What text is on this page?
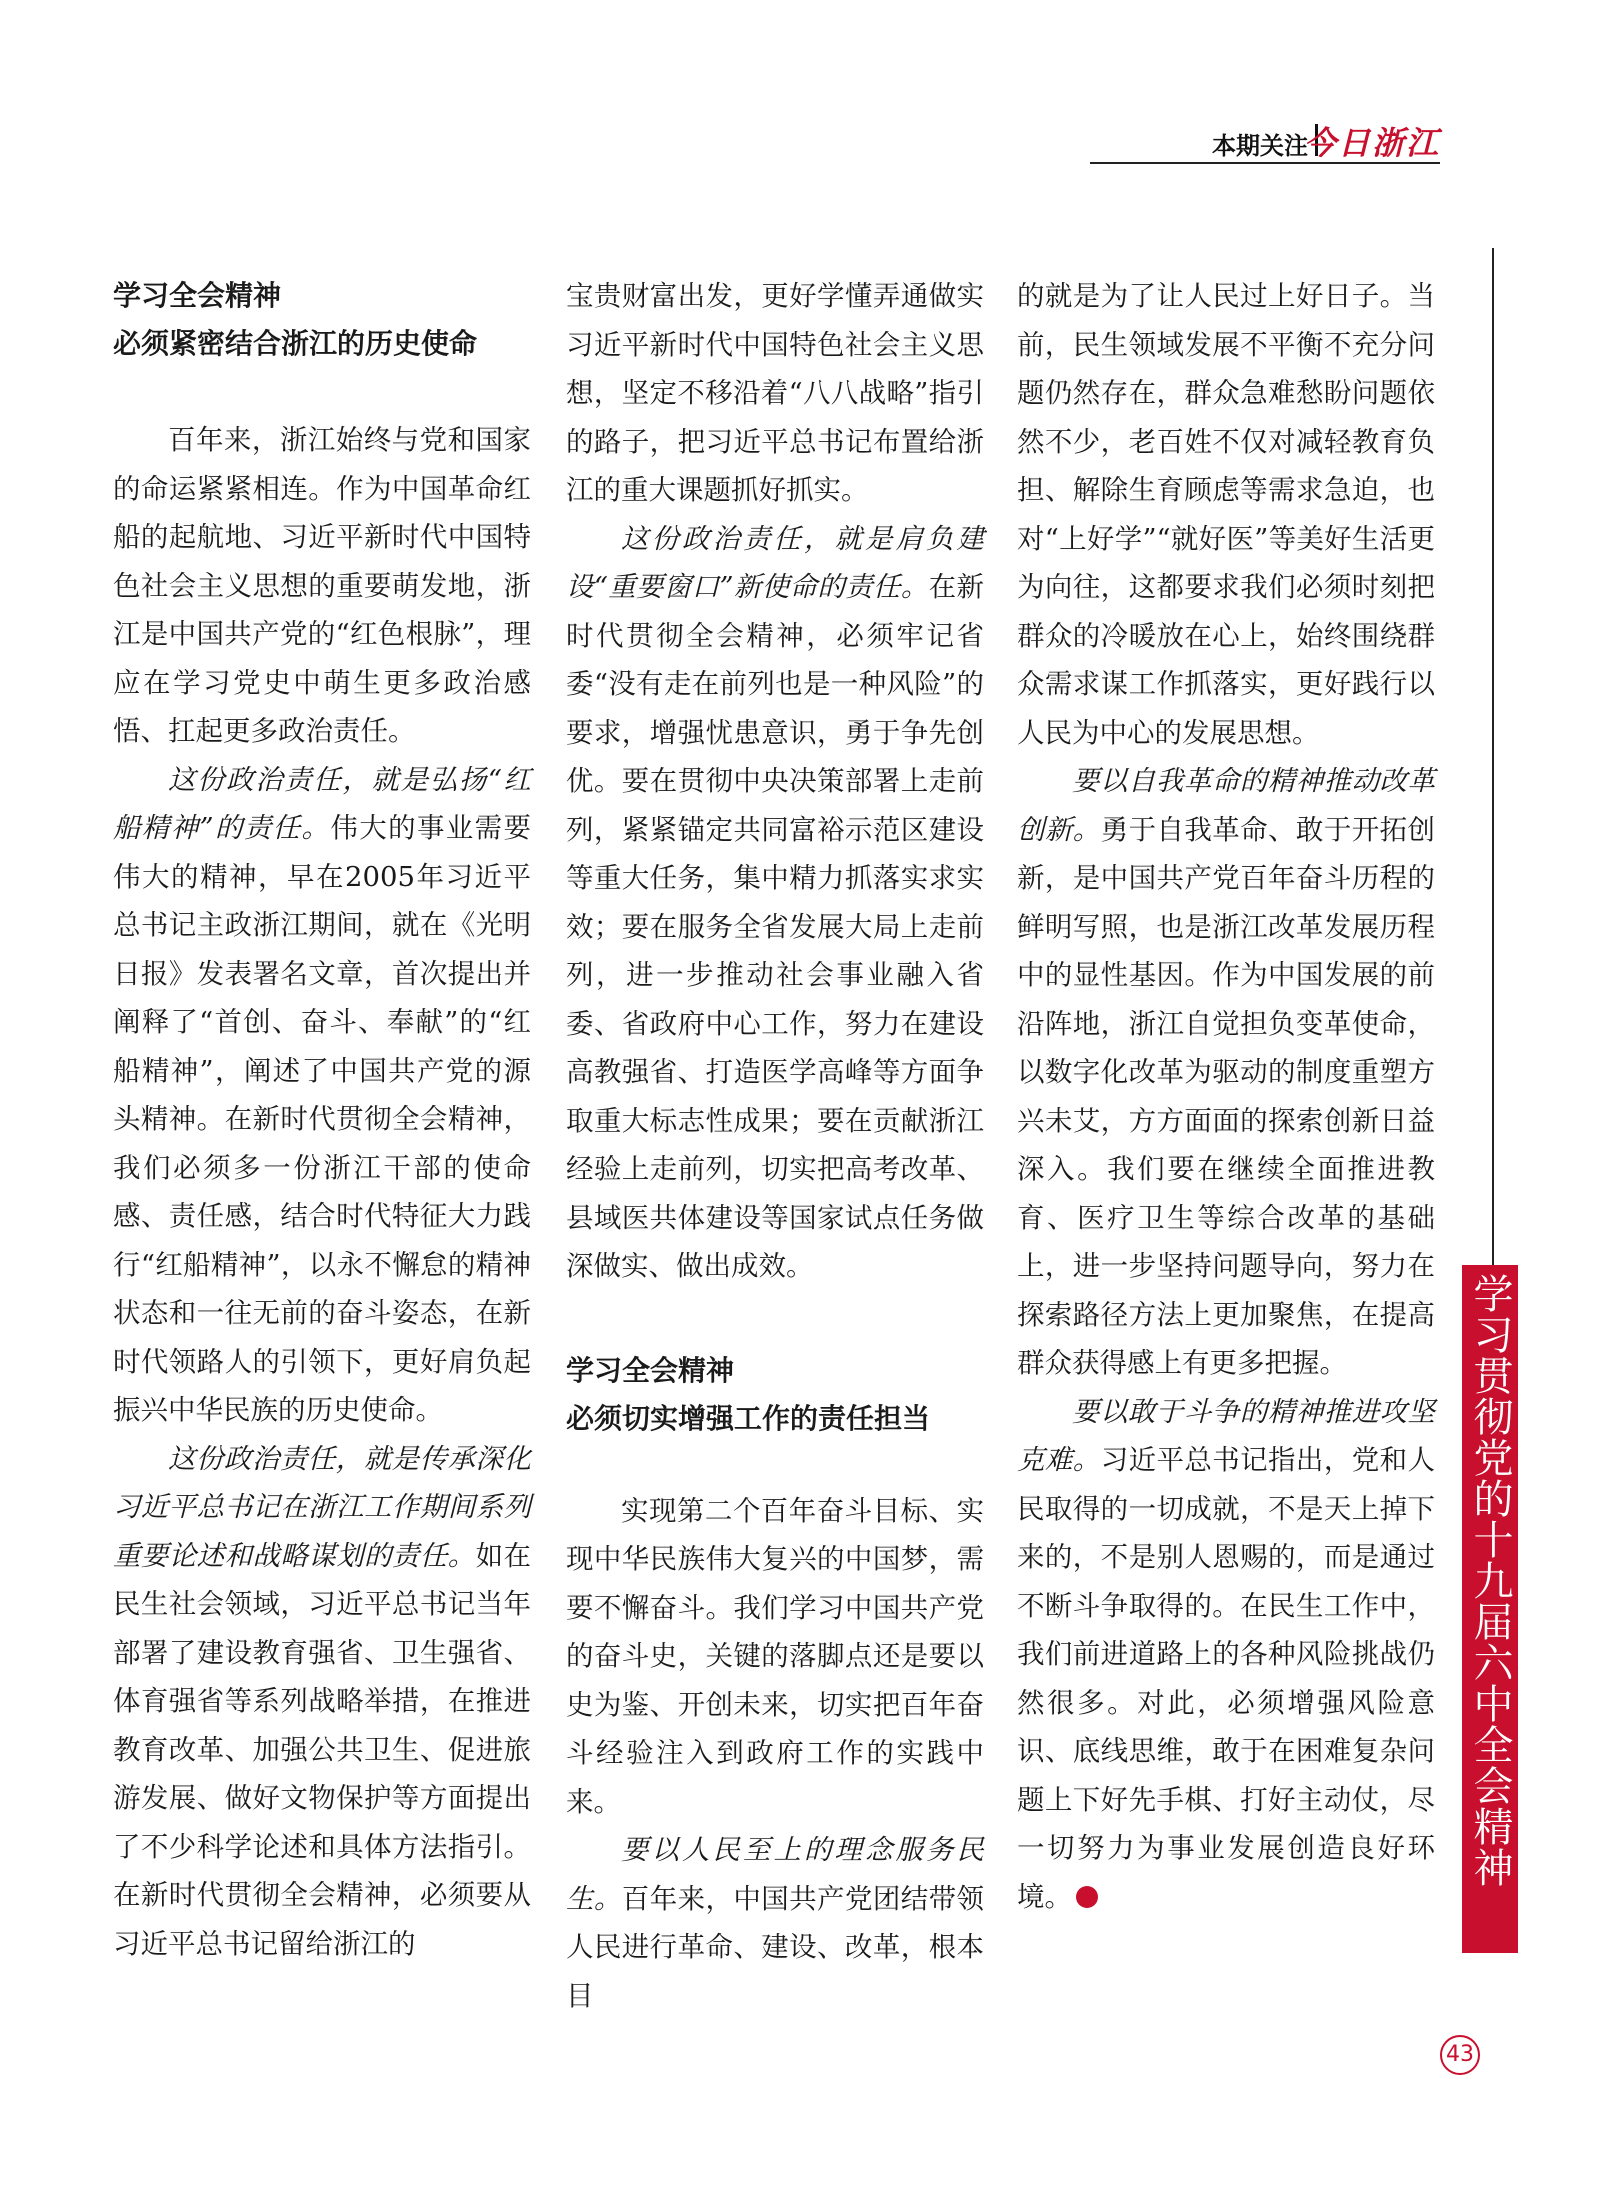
本期关注
今日浙江
学习全会精神
必须紧密结合浙江的历史使命

百年来，浙江始终与党和国家的命运紧紧相连。作为中国革命红船的起航地、习近平新时代中国特色社会主义思想的重要萌发地，浙江是中国共产党的“红色根脉”，理应在学习党史中萌生更多政治感悟、扛起更多政治责任。

这份政治责任，就是弘扬“红船精神”的责任。伟大的事业需要伟大的精神，早在2005年习近平总书记主政浙江期间，就在《光明日报》发表署名文章，首次提出并阐释了“首创、奋斗、奉献”的“红船精神”，阐述了中国共产党的源头精神。在新时代贯彻全会精神，我们必须多一份浙江干部的使命感、责任感，结合时代特征大力践行“红船精神”，以永不懈怠的精神状态和一往无前的奋斗姿态，在新时代领路人的引领下，更好肩负起振兴中华民族的历史使命。

这份政治责任，就是传承深化习近平总书记在浙江工作期间系列重要论述和战略谋划的责任。如在民生社会领域，习近平总书记当年部署了建设教育强省、卫生强省、体育强省等系列战略举措，在推进教育改革、加强公共卫生、促进旅游发展、做好文物保护等方面提出了不少科学论述和具体方法指引。在新时代贯彻全会精神，必须要从习近平总书记留给浙江的

宝贵财富出发，更好学懂弄通做实习近平新时代中国特色社会主义思想，坚定不移沿着“八八战略”指引的路子，把习近平总书记布置给浙江的重大课题抓好抓实。

这份政治责任，就是肩负建设“重要窗口”新使命的责任。在新时代贯彻全会精神，必须牢记省委“没有走在前列也是一种风险”的要求，增强忧患意识，勇于争先创优。要在贯彻中央决策部署上走前列，紧紧锚定共同富裕示范区建设等重大任务，集中精力抓落实求实效；要在服务全省发展大局上走前列，进一步推动社会事业融入省委、省政府中心工作，努力在建设高教强省、打造医学高峰等方面争取重大标志性成果；要在贡献浙江经验上走前列，切实把高考改革、县域医共体建设等国家试点任务做深做实、做出成效。

学习全会精神
必须切实增强工作的责任担当

实现第二个百年奋斗目标、实现中华民族伟大复兴的中国梦，需要不懈奋斗。我们学习中国共产党的奋斗史，关键的落脚点还是要以史为鉴、开创未来，切实把百年奋斗经验注入到政府工作的实践中来。

要以人民至上的理念服务民生。百年来，中国共产党团结带领人民进行革命、建设、改革，根本目

的就是为了让人民过上好日子。当前，民生领域发展不平衡不充分问题仍然存在，群众急难愁盼问题依然不少，老百姓不仅对减轻教育负担、解除生育顾虑等需求急迫，也对“上好学”“就好医”等美好生活更为向往，这都要求我们必须时刻把群众的冷暖放在心上，始终围绕群众需求谋工作抓落实，更好践行以人民为中心的发展思想。

要以自我革命的精神推动改革创新。勇于自我革命、敢于开拓创新，是中国共产党百年奋斗历程的鲜明写照，也是浙江改革发展历程中的显性基因。作为中国发展的前沿阵地，浙江自觉担负变革使命，以数字化改革为驱动的制度重塑方兴未艾，方方面面的探索创新日益深入。我们要在继续全面推进教育、医疗卫生等综合改革的基础上，进一步坚持问题导向，努力在探索路径方法上更加聚焦，在提高群众获得感上有更多把握。

要以敢于斗争的精神推进攻坚克难。习近平总书记指出，党和人民取得的一切成就，不是天上掉下来的，不是别人恩赐的，而是通过不断斗争取得的。在民生工作中，我们前进道路上的各种风险挑战仍然很多。对此，必须增强风险意识、底线思维，敢于在困难复杂问题上下好先手棋、打好主动仗，尽一切努力为事业发展创造良好环境。

学习贯彻党的十九届六中全会精神
43
